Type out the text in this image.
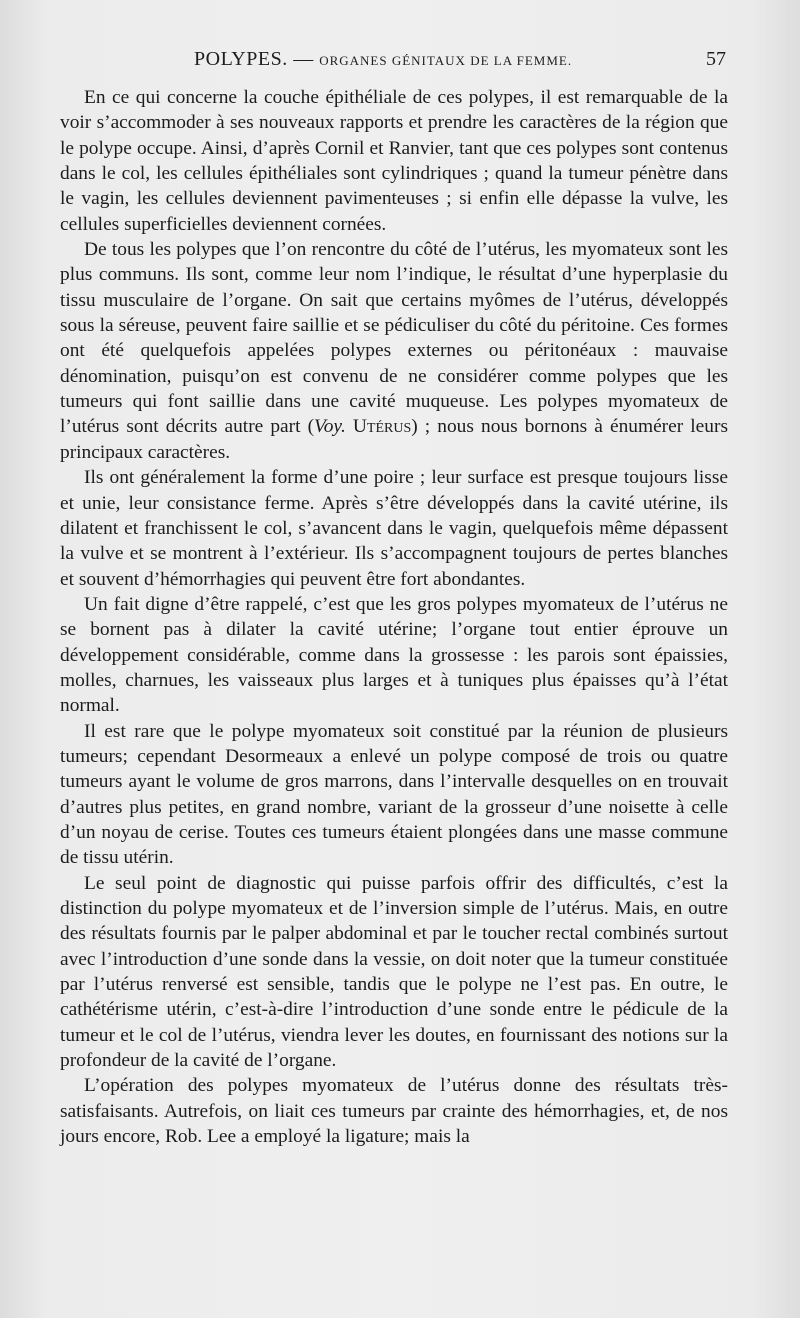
POLYPES. — ORGANES GÉNITAUX DE LA FEMME.	57

En ce qui concerne la couche épithéliale de ces polypes, il est remarquable de la voir s’accommoder à ses nouveaux rapports et prendre les caractères de la région que le polype occupe. Ainsi, d’après Cornil et Ranvier, tant que ces polypes sont contenus dans le col, les cellules épithéliales sont cylindriques ; quand la tumeur pénètre dans le vagin, les cellules deviennent pavimenteuses ; si enfin elle dépasse la vulve, les cellules superficielles deviennent cornées.

De tous les polypes que l’on rencontre du côté de l’utérus, les myomateux sont les plus communs. Ils sont, comme leur nom l’indique, le résultat d’une hyperplasie du tissu musculaire de l’organe. On sait que certains myômes de l’utérus, développés sous la séreuse, peuvent faire saillie et se pédiculiser du côté du péritoine. Ces formes ont été quelquefois appelées polypes externes ou péritonéaux : mauvaise dénomination, puisqu’on est convenu de ne considérer comme polypes que les tumeurs qui font saillie dans une cavité muqueuse. Les polypes myomateux de l’utérus sont décrits autre part (Voy. Utérus) ; nous nous bornons à énumérer leurs principaux caractères.

Ils ont généralement la forme d’une poire ; leur surface est presque toujours lisse et unie, leur consistance ferme. Après s’être développés dans la cavité utérine, ils dilatent et franchissent le col, s’avancent dans le vagin, quelquefois même dépassent la vulve et se montrent à l’extérieur. Ils s’accompagnent toujours de pertes blanches et souvent d’hémorrhagies qui peuvent être fort abondantes.

Un fait digne d’être rappelé, c’est que les gros polypes myomateux de l’utérus ne se bornent pas à dilater la cavité utérine; l’organe tout entier éprouve un développement considérable, comme dans la grossesse : les parois sont épaissies, molles, charnues, les vaisseaux plus larges et à tuniques plus épaisses qu’à l’état normal.

Il est rare que le polype myomateux soit constitué par la réunion de plusieurs tumeurs; cependant Desormeaux a enlevé un polype composé de trois ou quatre tumeurs ayant le volume de gros marrons, dans l’intervalle desquelles on en trouvait d’autres plus petites, en grand nombre, variant de la grosseur d’une noisette à celle d’un noyau de cerise. Toutes ces tumeurs étaient plongées dans une masse commune de tissu utérin.

Le seul point de diagnostic qui puisse parfois offrir des difficultés, c’est la distinction du polype myomateux et de l’inversion simple de l’utérus. Mais, en outre des résultats fournis par le palper abdominal et par le toucher rectal combinés surtout avec l’introduction d’une sonde dans la vessie, on doit noter que la tumeur constituée par l’utérus renversé est sensible, tandis que le polype ne l’est pas. En outre, le cathétérisme utérin, c’est-à-dire l’introduction d’une sonde entre le pédicule de la tumeur et le col de l’utérus, viendra lever les doutes, en fournissant des notions sur la profondeur de la cavité de l’organe.

L’opération des polypes myomateux de l’utérus donne des résultats très-satisfaisants. Autrefois, on liait ces tumeurs par crainte des hémorrhagies, et, de nos jours encore, Rob. Lee a employé la ligature; mais la
